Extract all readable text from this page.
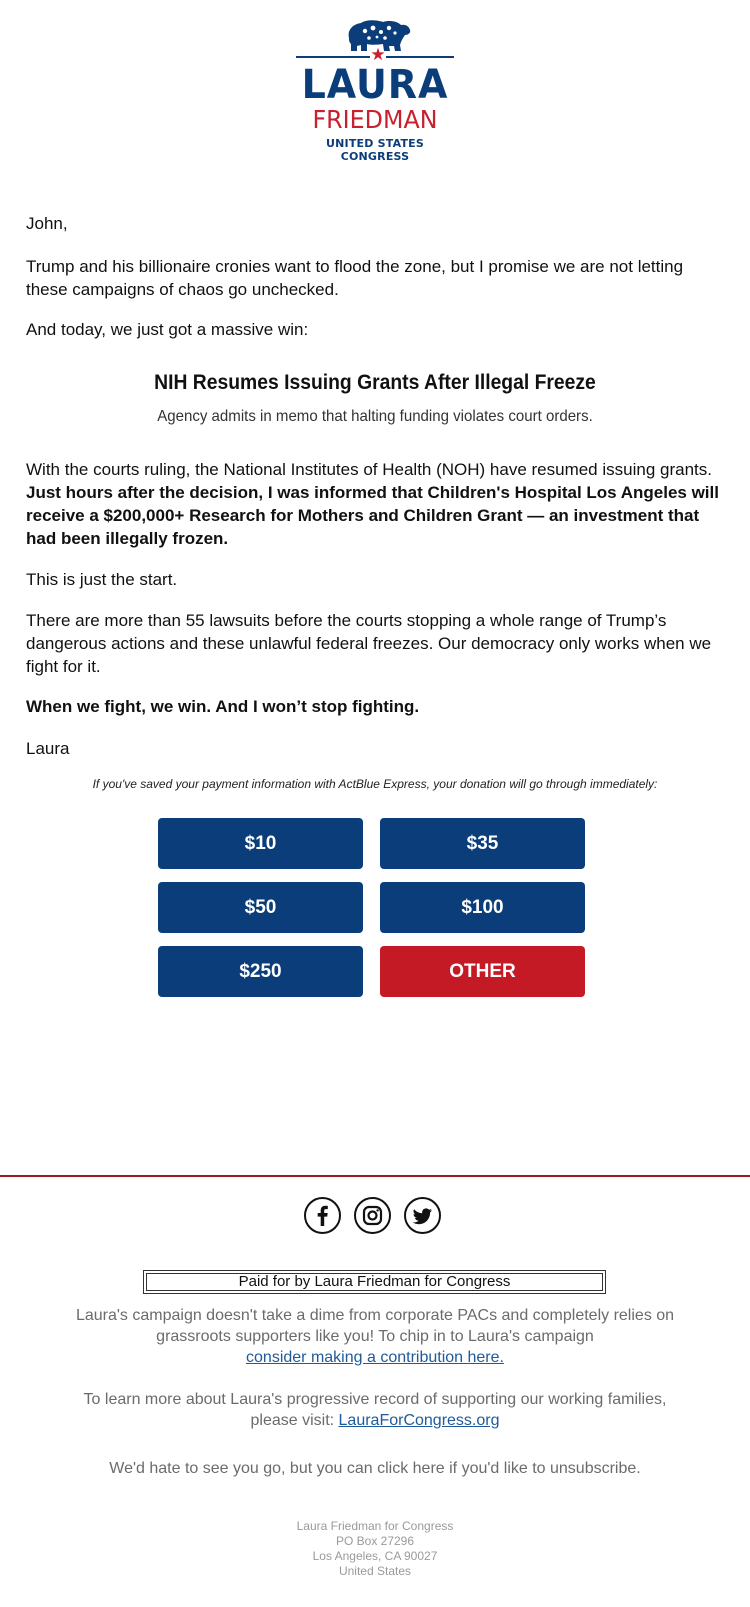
★
LAURA
FRIEDMAN
UNITED STATES CONGRESS

John,

Trump and his billionaire cronies want to flood the zone, but I promise we are not letting these campaigns of chaos go unchecked.

And today, we just got a massive win:

NIH Resumes Issuing Grants After Illegal Freeze
Agency admits in memo that halting funding violates court orders.

With the courts ruling, the National Institutes of Health (NOH) have resumed issuing grants. Just hours after the decision, I was informed that Children's Hospital Los Angeles will receive a $200,000+ Research for Mothers and Children Grant — an investment that had been illegally frozen.

This is just the start.

There are more than 55 lawsuits before the courts stopping a whole range of Trump’s dangerous actions and these unlawful federal freezes. Our democracy only works when we fight for it.

When we fight, we win. And I won’t stop fighting.

Laura

If you've saved your payment information with ActBlue Express, your donation will go through immediately:
$10	$35
$50	$100
$250	OTHER
Paid for by Laura Friedman for Congress

Laura's campaign doesn't take a dime from corporate PACs and completely relies on grassroots supporters like you! To chip in to Laura's campaign
consider making a contribution here.

To learn more about Laura's progressive record of supporting our working families, please visit: LauraForCongress.org

We'd hate to see you go, but you can click here if you'd like to unsubscribe.

Laura Friedman for Congress
PO Box 27296
Los Angeles, CA 90027
United States
